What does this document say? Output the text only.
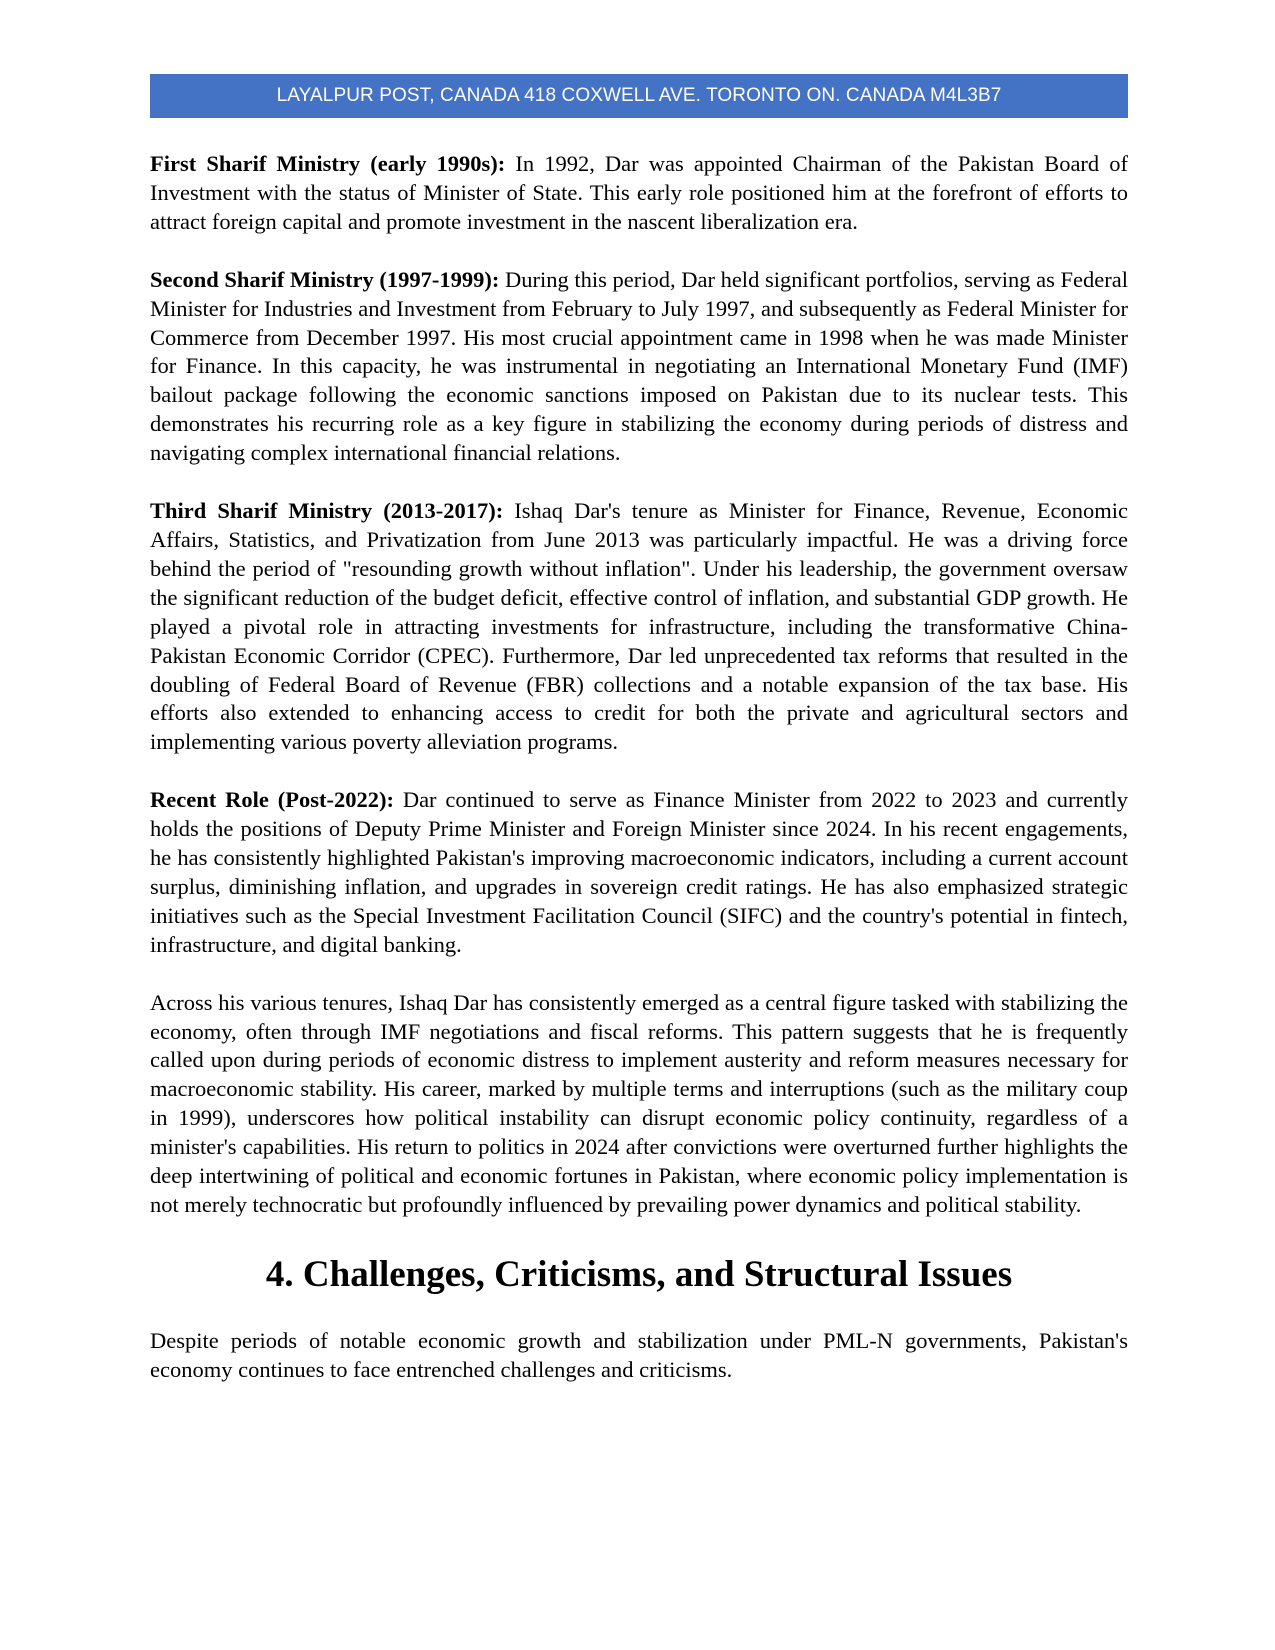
LAYALPUR POST, CANADA 418 COXWELL AVE. TORONTO ON. CANADA M4L3B7

First Sharif Ministry (early 1990s): In 1992, Dar was appointed Chairman of the Pakistan Board of Investment with the status of Minister of State. This early role positioned him at the forefront of efforts to attract foreign capital and promote investment in the nascent liberalization era.

Second Sharif Ministry (1997-1999): During this period, Dar held significant portfolios, serving as Federal Minister for Industries and Investment from February to July 1997, and subsequently as Federal Minister for Commerce from December 1997. His most crucial appointment came in 1998 when he was made Minister for Finance. In this capacity, he was instrumental in negotiating an International Monetary Fund (IMF) bailout package following the economic sanctions imposed on Pakistan due to its nuclear tests. This demonstrates his recurring role as a key figure in stabilizing the economy during periods of distress and navigating complex international financial relations.

Third Sharif Ministry (2013-2017): Ishaq Dar's tenure as Minister for Finance, Revenue, Economic Affairs, Statistics, and Privatization from June 2013 was particularly impactful. He was a driving force behind the period of "resounding growth without inflation". Under his leadership, the government oversaw the significant reduction of the budget deficit, effective control of inflation, and substantial GDP growth. He played a pivotal role in attracting investments for infrastructure, including the transformative China-Pakistan Economic Corridor (CPEC). Furthermore, Dar led unprecedented tax reforms that resulted in the doubling of Federal Board of Revenue (FBR) collections and a notable expansion of the tax base. His efforts also extended to enhancing access to credit for both the private and agricultural sectors and implementing various poverty alleviation programs.

Recent Role (Post-2022): Dar continued to serve as Finance Minister from 2022 to 2023 and currently holds the positions of Deputy Prime Minister and Foreign Minister since 2024. In his recent engagements, he has consistently highlighted Pakistan's improving macroeconomic indicators, including a current account surplus, diminishing inflation, and upgrades in sovereign credit ratings. He has also emphasized strategic initiatives such as the Special Investment Facilitation Council (SIFC) and the country's potential in fintech, infrastructure, and digital banking.

Across his various tenures, Ishaq Dar has consistently emerged as a central figure tasked with stabilizing the economy, often through IMF negotiations and fiscal reforms. This pattern suggests that he is frequently called upon during periods of economic distress to implement austerity and reform measures necessary for macroeconomic stability. His career, marked by multiple terms and interruptions (such as the military coup in 1999), underscores how political instability can disrupt economic policy continuity, regardless of a minister's capabilities. His return to politics in 2024 after convictions were overturned further highlights the deep intertwining of political and economic fortunes in Pakistan, where economic policy implementation is not merely technocratic but profoundly influenced by prevailing power dynamics and political stability.

4. Challenges, Criticisms, and Structural Issues

Despite periods of notable economic growth and stabilization under PML-N governments, Pakistan's economy continues to face entrenched challenges and criticisms.
